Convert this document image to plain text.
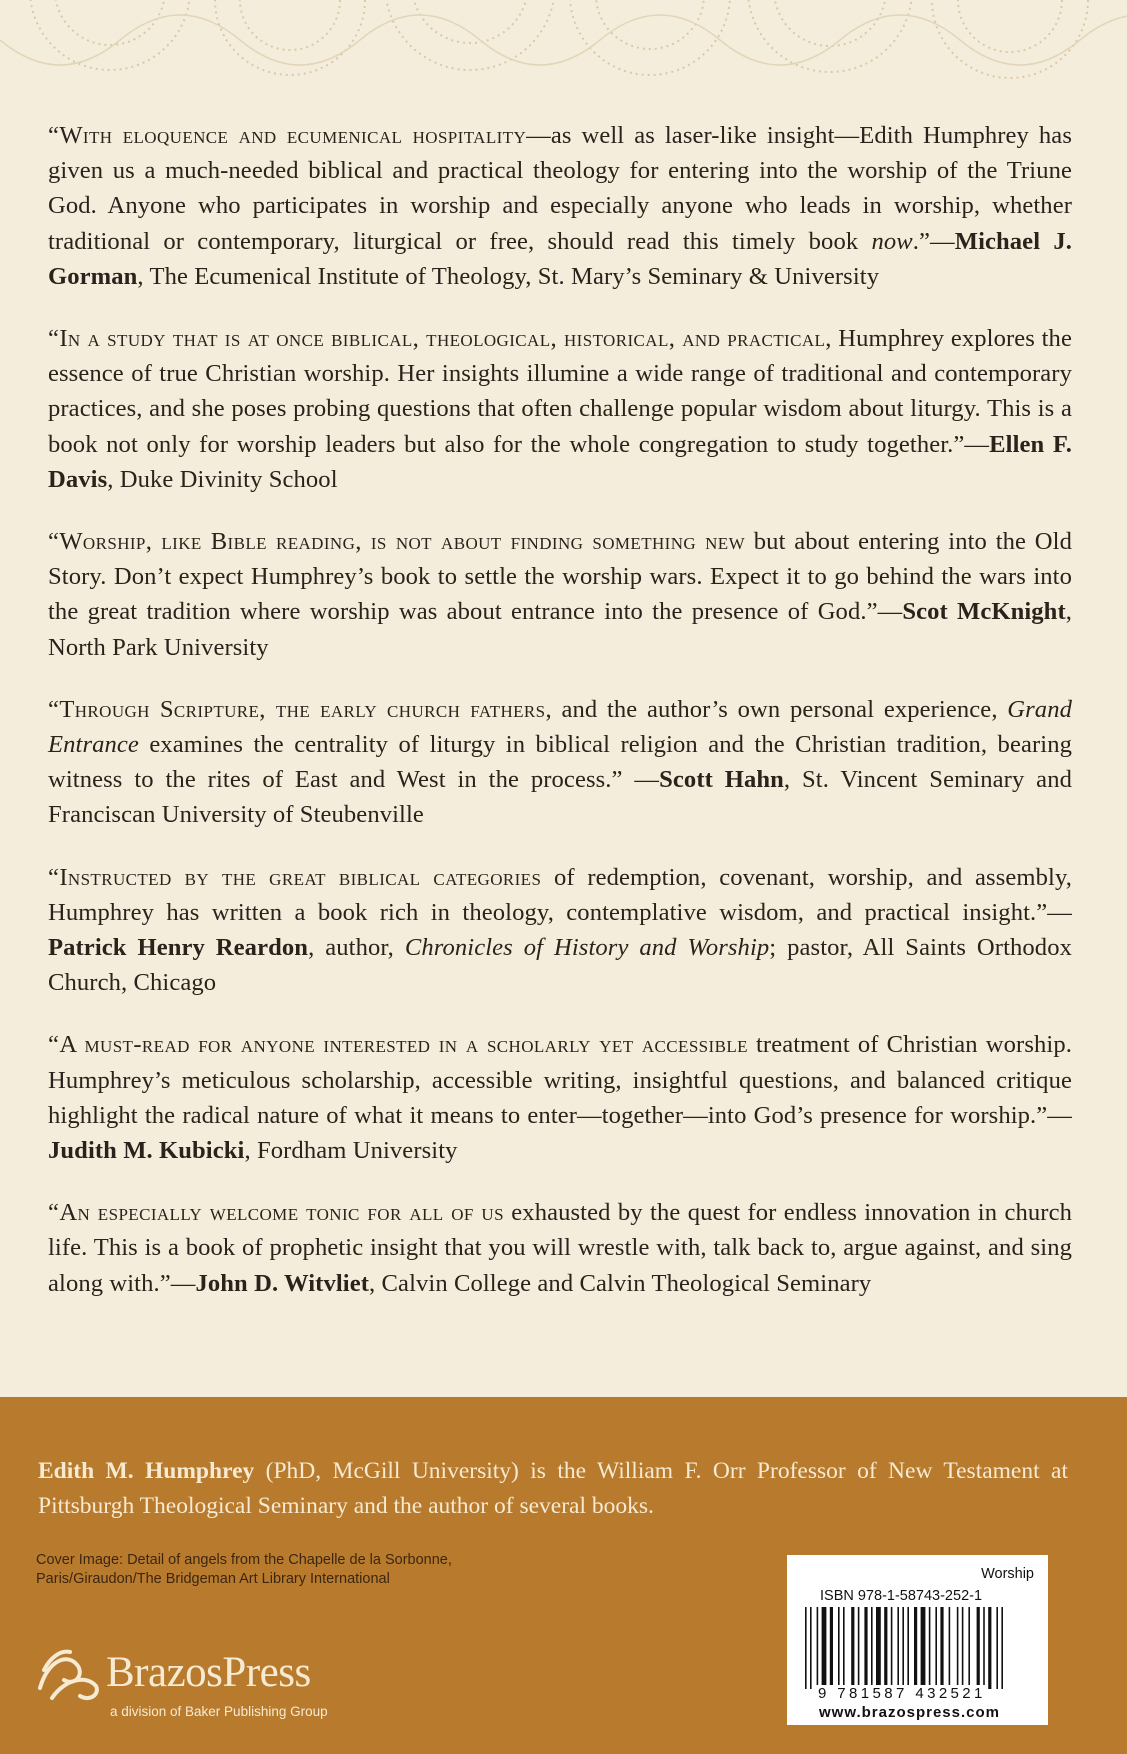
“With eloquence and ecumenical hospitality—as well as laser-like insight—Edith Humphrey has given us a much-needed biblical and practical theology for entering into the worship of the Triune God. Anyone who participates in worship and especially anyone who leads in worship, whether traditional or contemporary, liturgical or free, should read this timely book now.”—Michael J. Gorman, The Ecumenical Institute of Theology, St. Mary’s Seminary & University

“In a study that is at once biblical, theological, historical, and practical, Humphrey explores the essence of true Christian worship. Her insights illumine a wide range of traditional and contemporary practices, and she poses probing questions that often challenge popular wisdom about liturgy. This is a book not only for worship leaders but also for the whole congregation to study together.”—Ellen F. Davis, Duke Divinity School

“Worship, like Bible reading, is not about finding something new but about entering into the Old Story. Don’t expect Humphrey’s book to settle the worship wars. Expect it to go behind the wars into the great tradition where worship was about entrance into the presence of God.”—Scot McKnight, North Park University

“Through Scripture, the early church fathers, and the author’s own personal experience, Grand Entrance examines the centrality of liturgy in biblical religion and the Christian tradition, bearing witness to the rites of East and West in the process.” —Scott Hahn, St. Vincent Seminary and Franciscan University of Steubenville

“Instructed by the great biblical categories of redemption, covenant, worship, and assembly, Humphrey has written a book rich in theology, contemplative wisdom, and practical insight.”—Patrick Henry Reardon, author, Chronicles of History and Worship; pastor, All Saints Orthodox Church, Chicago

“A must-read for anyone interested in a scholarly yet accessible treatment of Christian worship. Humphrey’s meticulous scholarship, accessible writing, insightful questions, and balanced critique highlight the radical nature of what it means to enter—together—into God’s presence for worship.”—Judith M. Kubicki, Fordham University

“An especially welcome tonic for all of us exhausted by the quest for endless innovation in church life. This is a book of prophetic insight that you will wrestle with, talk back to, argue against, and sing along with.”—John D. Witvliet, Calvin College and Calvin Theological Seminary

Edith M. Humphrey (PhD, McGill University) is the William F. Orr Professor of New Testament at Pittsburgh Theological Seminary and the author of several books.

Cover Image: Detail of angels from the Chapelle de la Sorbonne,
Paris/Giraudon/The Bridgeman Art Library International
BrazosPress
a division of Baker Publishing Group
Worship
ISBN 978-1-58743-252-1
9 781587 432521
www.brazospress.com
